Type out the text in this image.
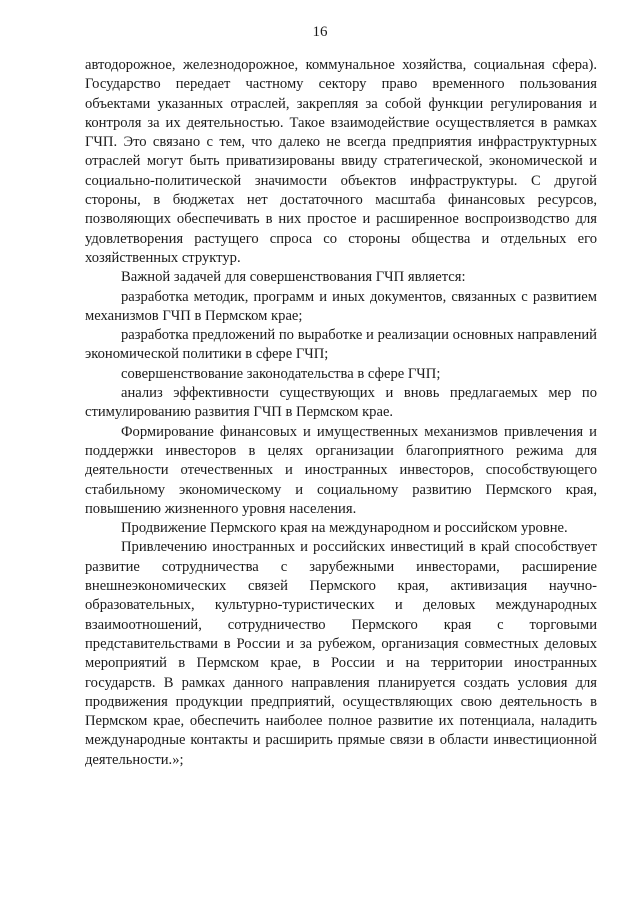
16

автодорожное, железнодорожное, коммунальное хозяйства, социальная сфера). Государство передает частному сектору право временного пользования объектами указанных отраслей, закрепляя за собой функции регулирования и контроля за их деятельностью. Такое взаимодействие осуществляется в рамках ГЧП. Это связано с тем, что далеко не всегда предприятия инфраструктурных отраслей могут быть приватизированы ввиду стратегической, экономической и социально-политической значимости объектов инфраструктуры. С другой стороны, в бюджетах нет достаточного масштаба финансовых ресурсов, позволяющих обеспечивать в них простое и расширенное воспроизводство для удовлетворения растущего спроса со стороны общества и отдельных его хозяйственных структур.

Важной задачей для совершенствования ГЧП является:

разработка методик, программ и иных документов, связанных с развитием механизмов ГЧП в Пермском крае;

разработка предложений по выработке и реализации основных направлений экономической политики в сфере ГЧП;

совершенствование законодательства в сфере ГЧП;

анализ эффективности существующих и вновь предлагаемых мер по стимулированию развития ГЧП в Пермском крае.

Формирование финансовых и имущественных механизмов привлечения и поддержки инвесторов в целях организации благоприятного режима для деятельности отечественных и иностранных инвесторов, способствующего стабильному экономическому и социальному развитию Пермского края, повышению жизненного уровня населения.

Продвижение Пермского края на международном и российском уровне.

Привлечению иностранных и российских инвестиций в край способствует развитие сотрудничества с зарубежными инвесторами, расширение внешнеэкономических связей Пермского края, активизация научно-образовательных, культурно-туристических и деловых международных взаимоотношений, сотрудничество Пермского края с торговыми представительствами в России и за рубежом, организация совместных деловых мероприятий в Пермском крае, в России и на территории иностранных государств. В рамках данного направления планируется создать условия для продвижения продукции предприятий, осуществляющих свою деятельность в Пермском крае, обеспечить наиболее полное развитие их потенциала, наладить международные контакты и расширить прямые связи в области инвестиционной деятельности.»;
